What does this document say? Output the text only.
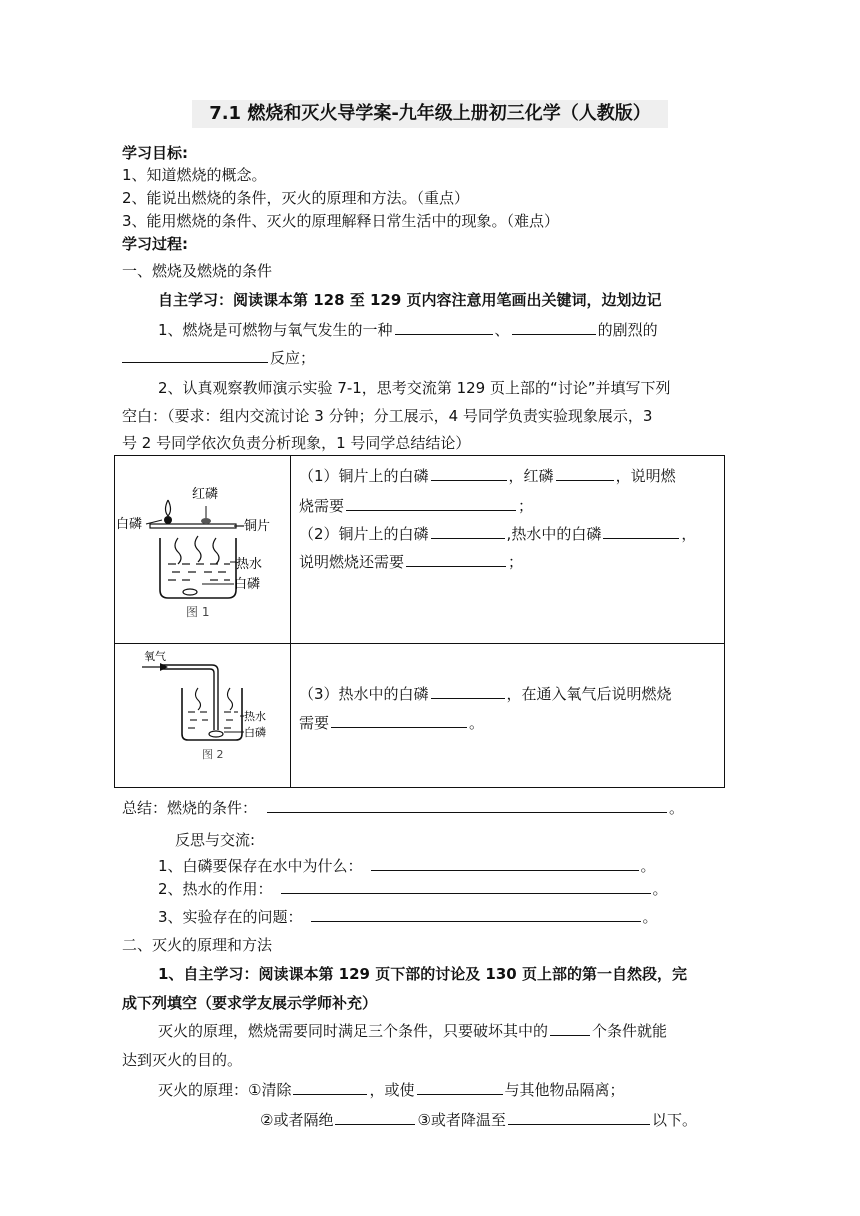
7.1 燃烧和灭火导学案-九年级上册初三化学（人教版）
学习目标:
1、知道燃烧的概念。
2、能说出燃烧的条件，灭火的原理和方法。（重点）
3、能用燃烧的条件、灭火的原理解释日常生活中的现象。（难点）
学习过程:
一、燃烧及燃烧的条件
自主学习：阅读课本第 128 至 129 页内容注意用笔画出关键词，边划边记
1、燃烧是可燃物与氧气发生的一种	、	的剧烈的
反应；
2、认真观察教师演示实验 7-1，思考交流第 129 页上部的“讨论”并填写下列
空白：（要求：组内交流讨论 3 分钟；分工展示，4 号同学负责实验现象展示，3
号 2 号同学依次负责分析现象，1 号同学总结结论）
红磷
白磷	铜片
热水
白磷
图 1
（1）铜片上的白磷	，红磷	，说明燃
烧需要	；
（2）铜片上的白磷	,热水中的白磷	，
说明燃烧还需要	；
氧气
热水
白磷
图 2
（3）热水中的白磷	，在通入氧气后说明燃烧
需要	。
总结：燃烧的条件：	。
反思与交流:
1、白磷要保存在水中为什么：	。
2、热水的作用：	。
3、实验存在的问题：	。
二、灭火的原理和方法
1、自主学习：阅读课本第 129 页下部的讨论及 130 页上部的第一自然段，完
成下列填空（要求学友展示学师补充）
灭火的原理，燃烧需要同时满足三个条件，只要破坏其中的	个条件就能
达到灭火的目的。
灭火的原理：①清除	，或使	与其他物品隔离；
②或者隔绝	③或者降温至	以下。
